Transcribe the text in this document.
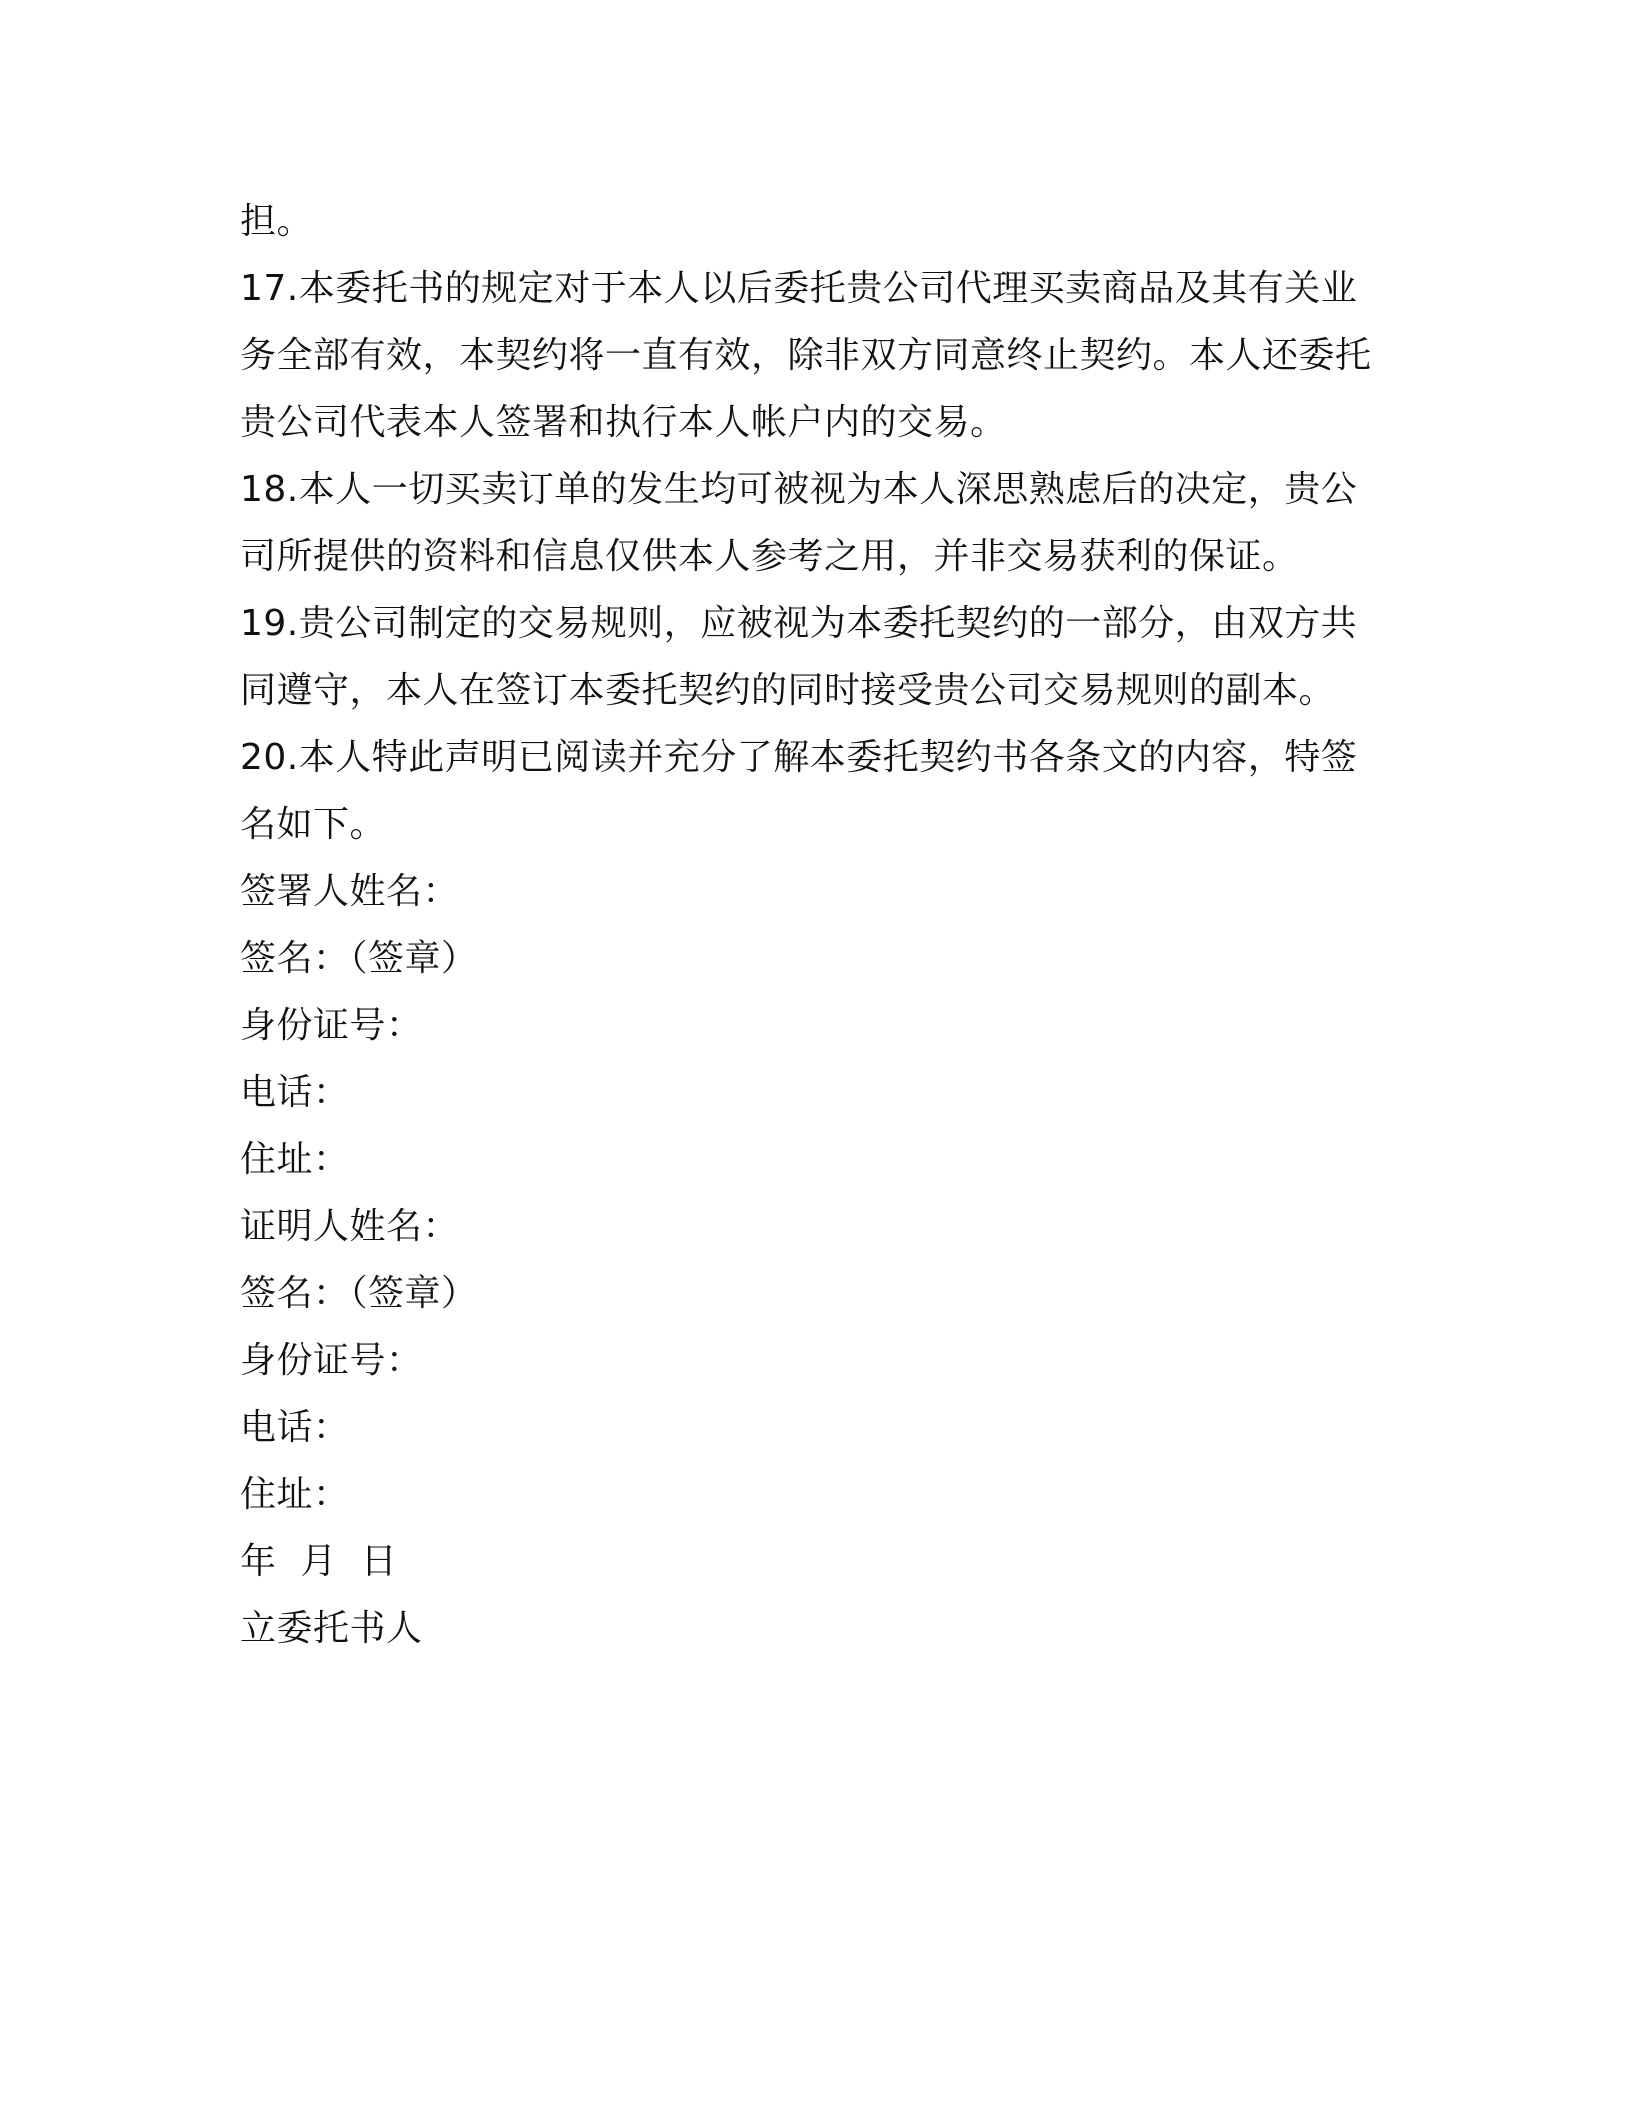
担。

17.本委托书的规定对于本人以后委托贵公司代理买卖商品及其有关业

务全部有效，本契约将一直有效，除非双方同意终止契约。本人还委托

贵公司代表本人签署和执行本人帐户内的交易。

18.本人一切买卖订单的发生均可被视为本人深思熟虑后的决定，贵公

司所提供的资料和信息仅供本人参考之用，并非交易获利的保证。

19.贵公司制定的交易规则，应被视为本委托契约的一部分，由双方共

同遵守，本人在签订本委托契约的同时接受贵公司交易规则的副本。

20.本人特此声明已阅读并充分了解本委托契约书各条文的内容，特签

名如下。

签署人姓名：

签名：（签章）

身份证号：

电话：

住址：

证明人姓名：

签名：（签章）

身份证号：

电话：

住址：

年  月  日

立委托书人
